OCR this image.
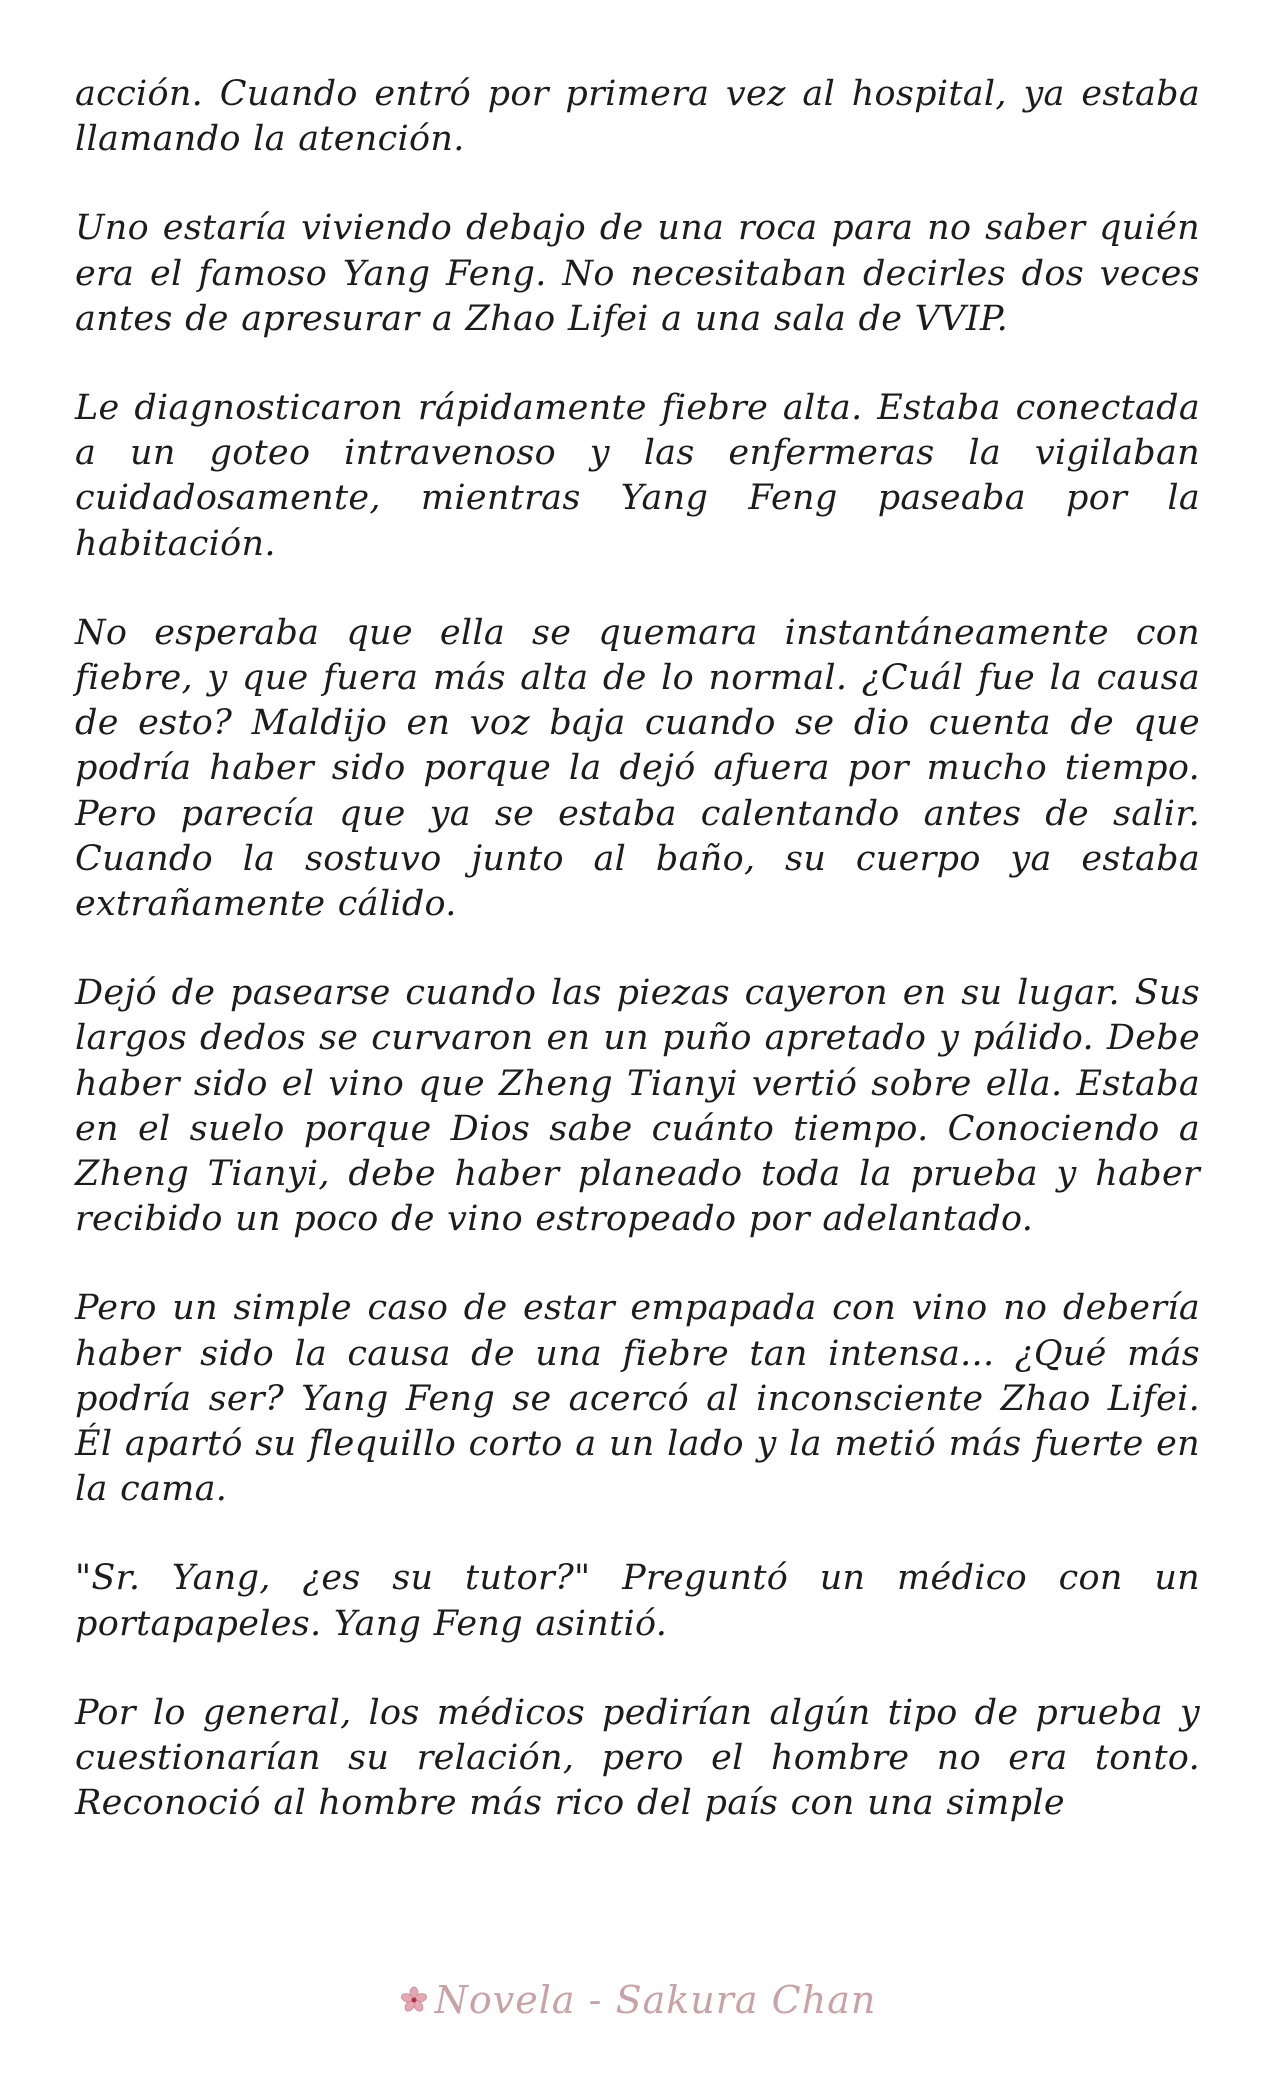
acción. Cuando entró por primera vez al hospital, ya estaba llamando la atención.

Uno estaría viviendo debajo de una roca para no saber quién era el famoso Yang Feng. No necesitaban decirles dos veces antes de apresurar a Zhao Lifei a una sala de VVIP.

Le diagnosticaron rápidamente fiebre alta. Estaba conectada a un goteo intravenoso y las enfermeras la vigilaban cuidadosamente, mientras Yang Feng paseaba por la habitación.

No esperaba que ella se quemara instantáneamente con fiebre, y que fuera más alta de lo normal. ¿Cuál fue la causa de esto? Maldijo en voz baja cuando se dio cuenta de que podría haber sido porque la dejó afuera por mucho tiempo. Pero parecía que ya se estaba calentando antes de salir. Cuando la sostuvo junto al baño, su cuerpo ya estaba extrañamente cálido.

Dejó de pasearse cuando las piezas cayeron en su lugar. Sus largos dedos se curvaron en un puño apretado y pálido. Debe haber sido el vino que Zheng Tianyi vertió sobre ella. Estaba en el suelo porque Dios sabe cuánto tiempo. Conociendo a Zheng Tianyi, debe haber planeado toda la prueba y haber recibido un poco de vino estropeado por adelantado.

Pero un simple caso de estar empapada con vino no debería haber sido la causa de una fiebre tan intensa... ¿Qué más podría ser? Yang Feng se acercó al inconsciente Zhao Lifei. Él apartó su flequillo corto a un lado y la metió más fuerte en la cama.

"Sr. Yang, ¿es su tutor?" Preguntó un médico con un portapapeles. Yang Feng asintió.

Por lo general, los médicos pedirían algún tipo de prueba y cuestionarían su relación, pero el hombre no era tonto. Reconoció al hombre más rico del país con una simple

Novela - Sakura Chan
